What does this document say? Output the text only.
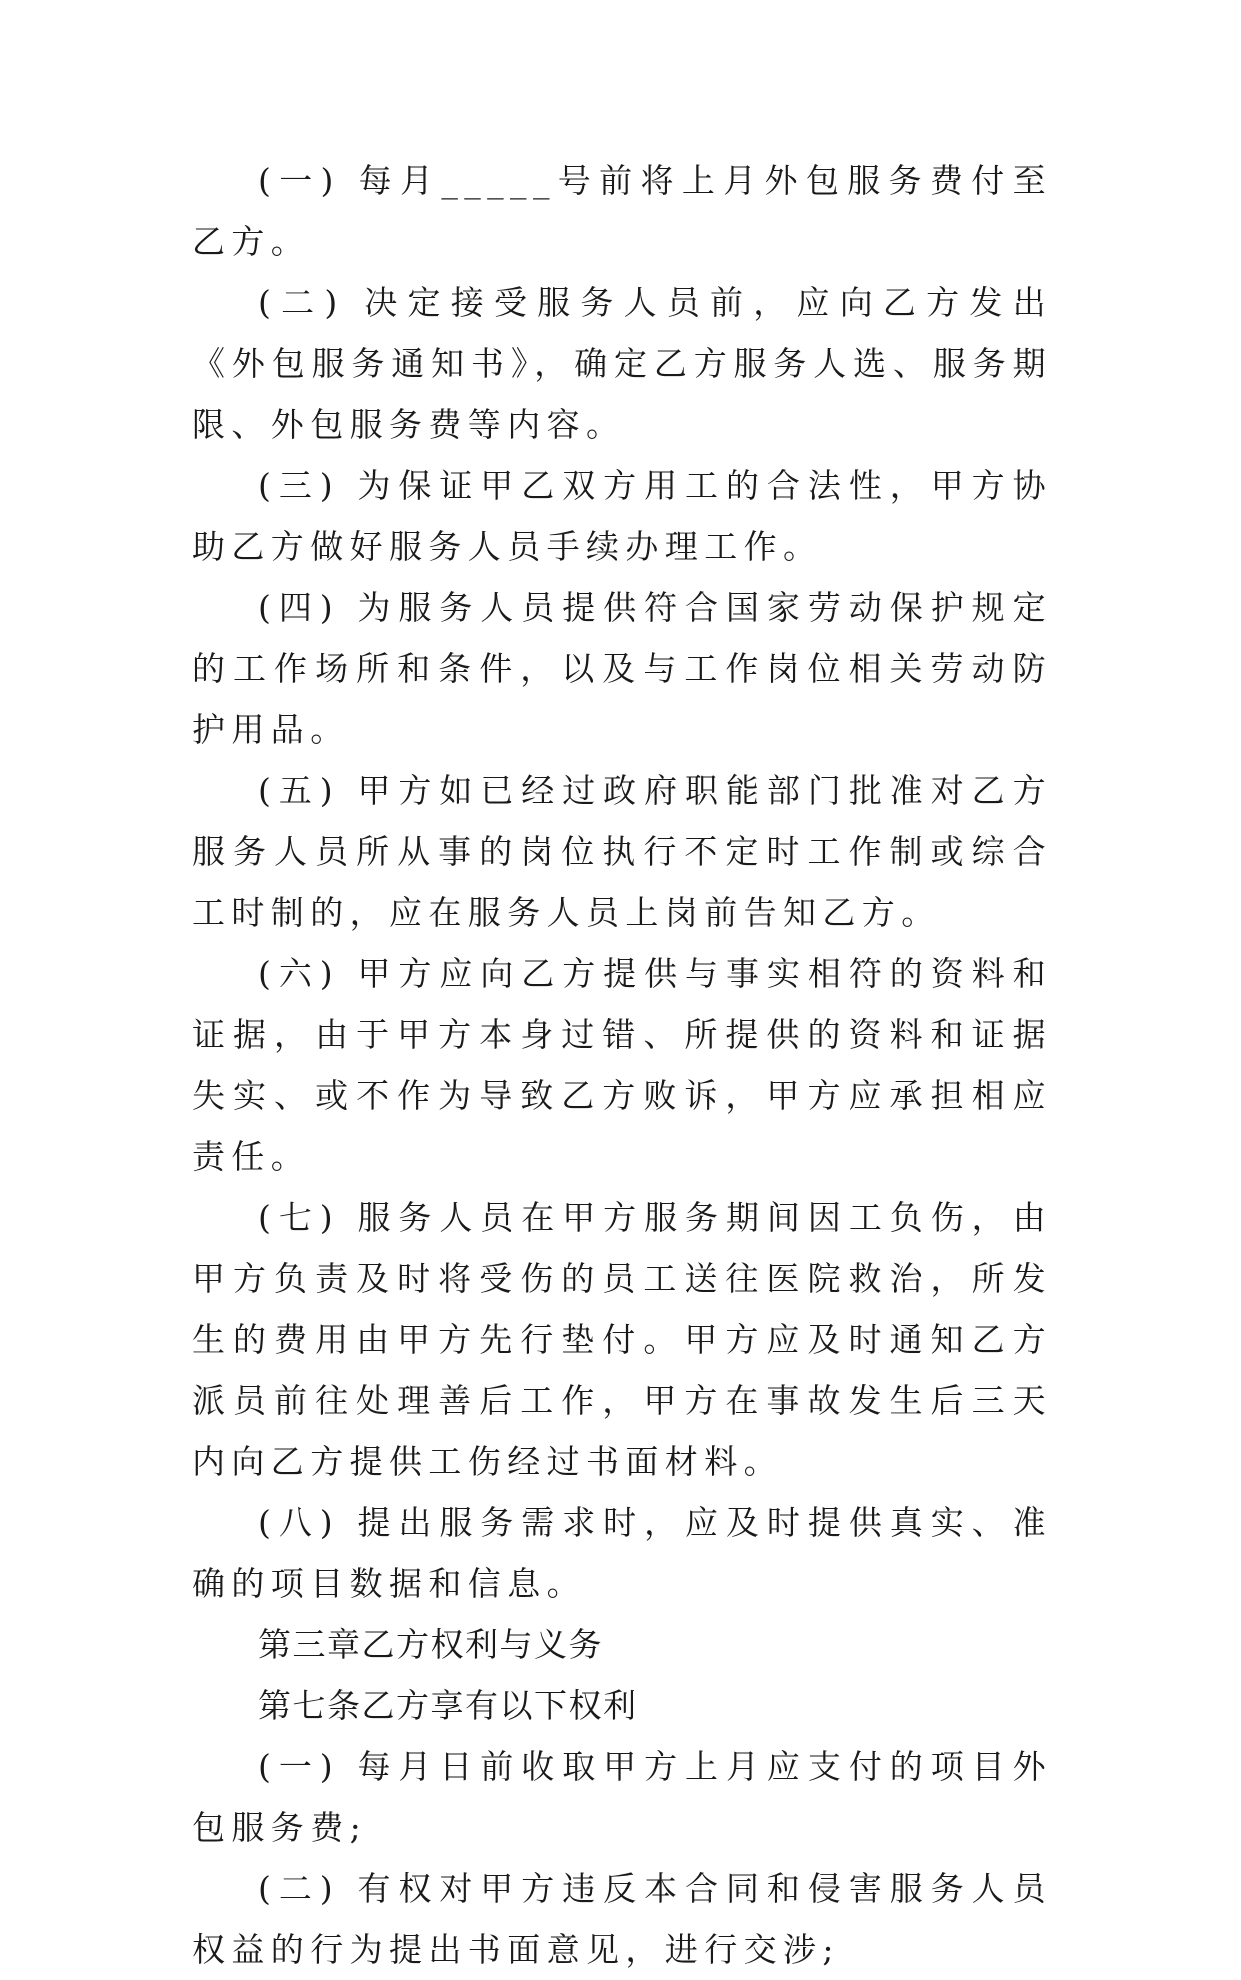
(一) 每月_____号前将上月外包服务费付至乙方。

(二) 决定接受服务人员前，应向乙方发出《外包服务通知书》，确定乙方服务人选、服务期限、外包服务费等内容。

(三) 为保证甲乙双方用工的合法性，甲方协助乙方做好服务人员手续办理工作。

(四) 为服务人员提供符合国家劳动保护规定的工作场所和条件，以及与工作岗位相关劳动防护用品。

(五) 甲方如已经过政府职能部门批准对乙方服务人员所从事的岗位执行不定时工作制或综合工时制的，应在服务人员上岗前告知乙方。

(六) 甲方应向乙方提供与事实相符的资料和证据，由于甲方本身过错、所提供的资料和证据失实、或不作为导致乙方败诉，甲方应承担相应责任。

(七) 服务人员在甲方服务期间因工负伤，由甲方负责及时将受伤的员工送往医院救治，所发生的费用由甲方先行垫付。甲方应及时通知乙方派员前往处理善后工作，甲方在事故发生后三天内向乙方提供工伤经过书面材料。

(八) 提出服务需求时，应及时提供真实、准确的项目数据和信息。

第三章乙方权利与义务

第七条乙方享有以下权利

(一) 每月日前收取甲方上月应支付的项目外包服务费;

(二) 有权对甲方违反本合同和侵害服务人员权益的行为提出书面意见，进行交涉;
